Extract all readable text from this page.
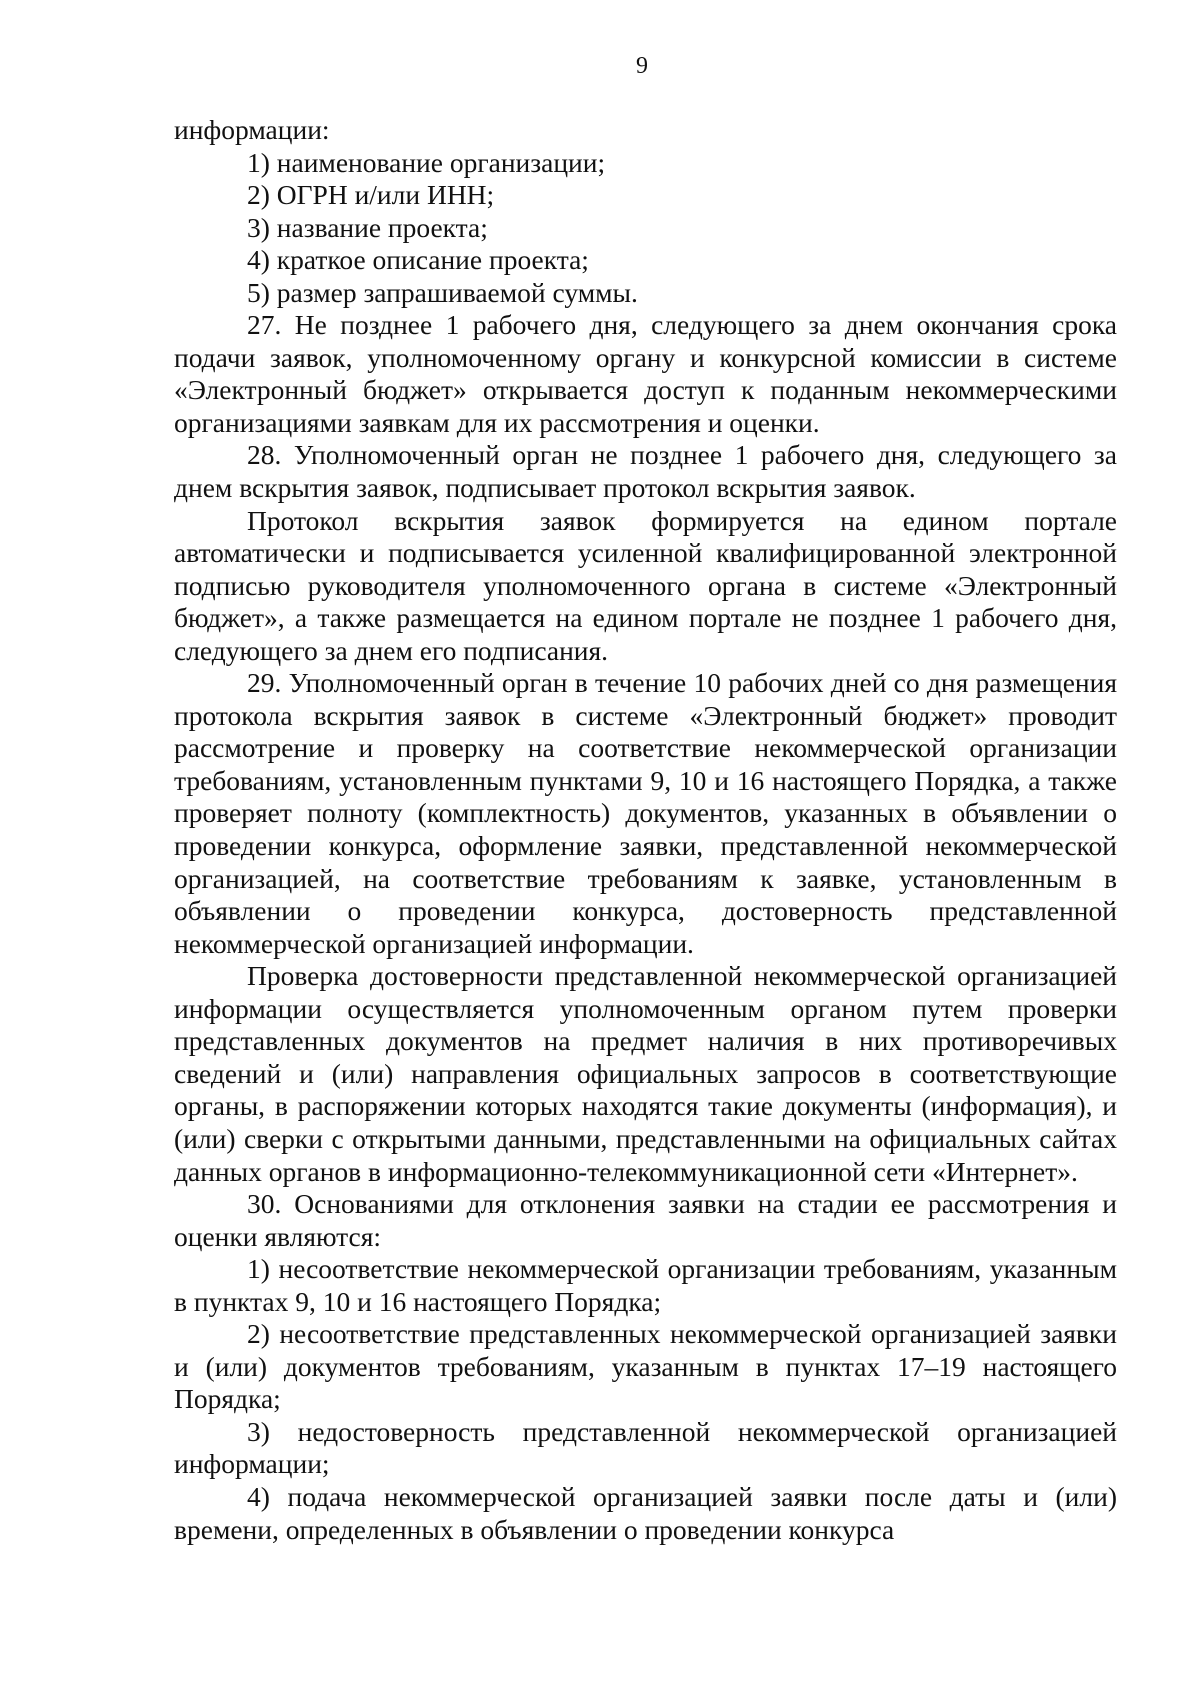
9

информации:

1) наименование организации;

2) ОГРН и/или ИНН;

3) название проекта;

4) краткое описание проекта;

5) размер запрашиваемой суммы.

27. Не позднее 1 рабочего дня, следующего за днем окончания срока подачи заявок, уполномоченному органу и конкурсной комиссии в системе «Электронный бюджет» открывается доступ к поданным некоммерческими организациями заявкам для их рассмотрения и оценки.

28. Уполномоченный орган не позднее 1 рабочего дня, следующего за днем вскрытия заявок, подписывает протокол вскрытия заявок.

Протокол вскрытия заявок формируется на едином портале автоматически и подписывается усиленной квалифицированной электронной подписью руководителя уполномоченного органа в системе «Электронный бюджет», а также размещается на едином портале не позднее 1 рабочего дня, следующего за днем его подписания.

29. Уполномоченный орган в течение 10 рабочих дней со дня размещения протокола вскрытия заявок в системе «Электронный бюджет» проводит рассмотрение и проверку на соответствие некоммерческой организации требованиям, установленным пунктами 9, 10 и 16 настоящего Порядка, а также проверяет полноту (комплектность) документов, указанных в объявлении о проведении конкурса, оформление заявки, представленной некоммерческой организацией, на соответствие требованиям к заявке, установленным в объявлении о проведении конкурса, достоверность представленной некоммерческой организацией информации.

Проверка достоверности представленной некоммерческой организацией информации осуществляется уполномоченным органом путем проверки представленных документов на предмет наличия в них противоречивых сведений и (или) направления официальных запросов в соответствующие органы, в распоряжении которых находятся такие документы (информация), и (или) сверки с открытыми данными, представленными на официальных сайтах данных органов в информационно-телекоммуникационной сети «Интернет».

30. Основаниями для отклонения заявки на стадии ее рассмотрения и оценки являются:

1) несоответствие некоммерческой организации требованиям, указанным в пунктах 9, 10 и 16 настоящего Порядка;

2) несоответствие представленных некоммерческой организацией заявки и (или) документов требованиям, указанным в пунктах 17–19 настоящего Порядка;

3) недостоверность представленной некоммерческой организацией информации;

4) подача некоммерческой организацией заявки после даты и (или) времени, определенных в объявлении о проведении конкурса
